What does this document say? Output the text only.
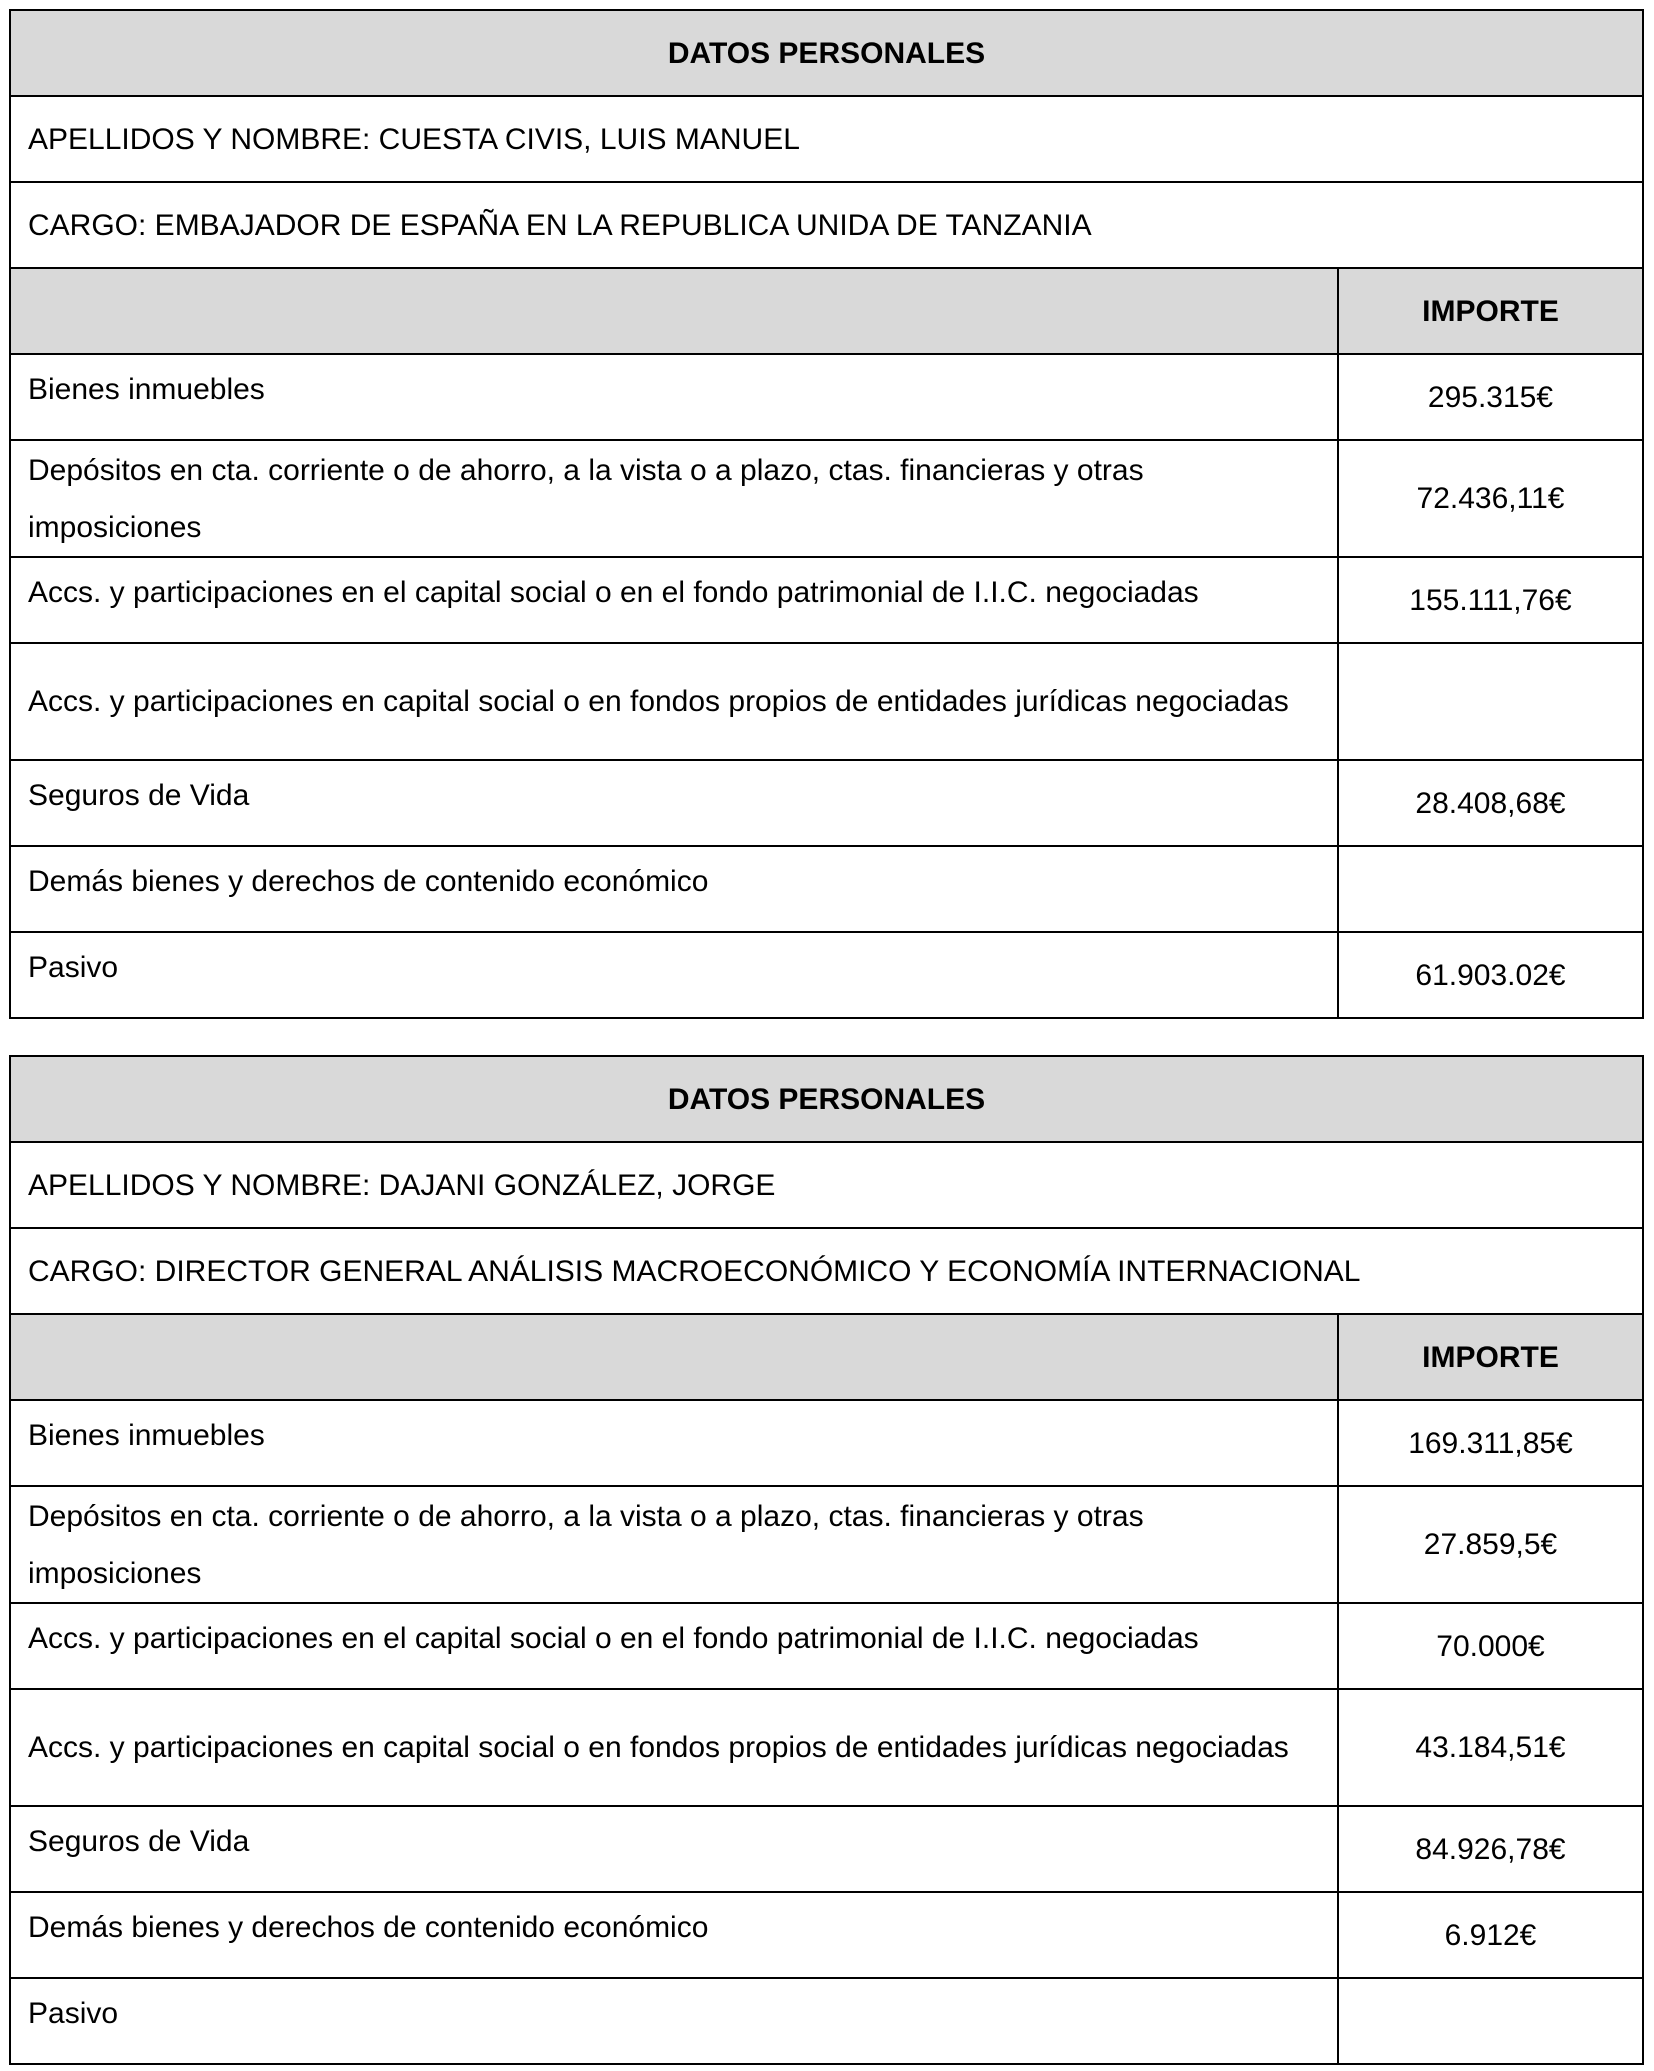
DATOS PERSONALES	
APELLIDOS Y NOMBRE: CUESTA CIVIS, LUIS MANUEL	
CARGO: EMBAJADOR DE ESPAÑA EN LA REPUBLICA UNIDA DE TANZANIA	
	IMPORTE
Bienes inmuebles	295.315€
Depósitos en cta. corriente o de ahorro, a la vista o a plazo, ctas. financieras y otras imposiciones	72.436,11€
Accs. y participaciones en el capital social o en el fondo patrimonial de I.I.C. negociadas	155.111,76€
Accs. y participaciones en capital social o en fondos propios de entidades jurídicas negociadas	
Seguros de Vida	28.408,68€
Demás bienes y derechos de contenido económico	
Pasivo	61.903.02€
DATOS PERSONALES	
APELLIDOS Y NOMBRE: DAJANI GONZÁLEZ, JORGE	
CARGO: DIRECTOR GENERAL ANÁLISIS MACROECONÓMICO Y ECONOMÍA INTERNACIONAL	
	IMPORTE
Bienes inmuebles	169.311,85€
Depósitos en cta. corriente o de ahorro, a la vista o a plazo, ctas. financieras y otras imposiciones	27.859,5€
Accs. y participaciones en el capital social o en el fondo patrimonial de I.I.C. negociadas	70.000€
Accs. y participaciones en capital social o en fondos propios de entidades jurídicas negociadas	43.184,51€
Seguros de Vida	84.926,78€
Demás bienes y derechos de contenido económico	6.912€
Pasivo	
